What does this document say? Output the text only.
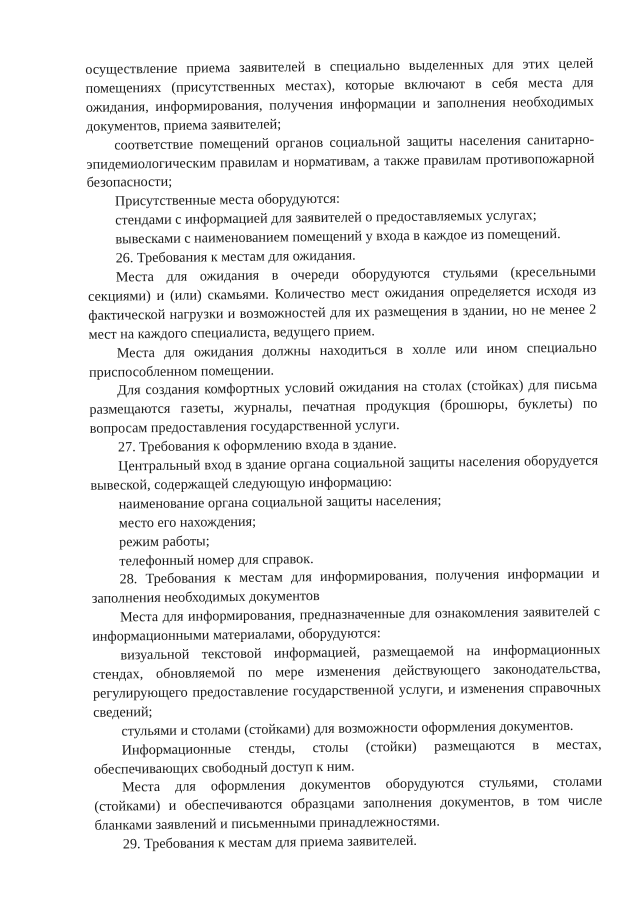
осуществление приема заявителей в специально выделенных для этих целей помещениях (присутственных местах), которые включают в себя места для ожидания, информирования, получения информации и заполнения необходимых документов, приема заявителей;

соответствие помещений органов социальной защиты населения санитарно-эпидемиологическим правилам и нормативам, а также правилам противопожарной безопасности;

Присутственные места оборудуются:

стендами с информацией для заявителей о предоставляемых услугах;

вывесками с наименованием помещений у входа в каждое из помещений.

26. Требования к местам для ожидания.

Места для ожидания в очереди оборудуются стульями (кресельными секциями) и (или) скамьями. Количество мест ожидания определяется исходя из фактической нагрузки и возможностей для их размещения в здании, но не менее 2 мест на каждого специалиста, ведущего прием.

Места для ожидания должны находиться в холле или ином специально приспособленном помещении.

Для создания комфортных условий ожидания на столах (стойках) для письма размещаются газеты, журналы, печатная продукция (брошюры, буклеты) по вопросам предоставления государственной услуги.

27. Требования к оформлению входа в здание.

Центральный вход в здание органа социальной защиты населения оборудуется вывеской, содержащей следующую информацию:

наименование органа социальной защиты населения;

место его нахождения;

режим работы;

телефонный номер для справок.

28. Требования к местам для информирования, получения информации и заполнения необходимых документов

Места для информирования, предназначенные для ознакомления заявителей с информационными материалами, оборудуются:

визуальной текстовой информацией, размещаемой на информационных стендах, обновляемой по мере изменения действующего законодательства, регулирующего предоставление государственной услуги, и изменения справочных сведений;

стульями и столами (стойками) для возможности оформления документов.

Информационные стенды, столы (стойки) размещаются в местах, обеспечивающих свободный доступ к ним.

Места для оформления документов оборудуются стульями, столами (стойками) и обеспечиваются образцами заполнения документов, в том числе бланками заявлений и письменными принадлежностями.

29. Требования к местам для приема заявителей.
